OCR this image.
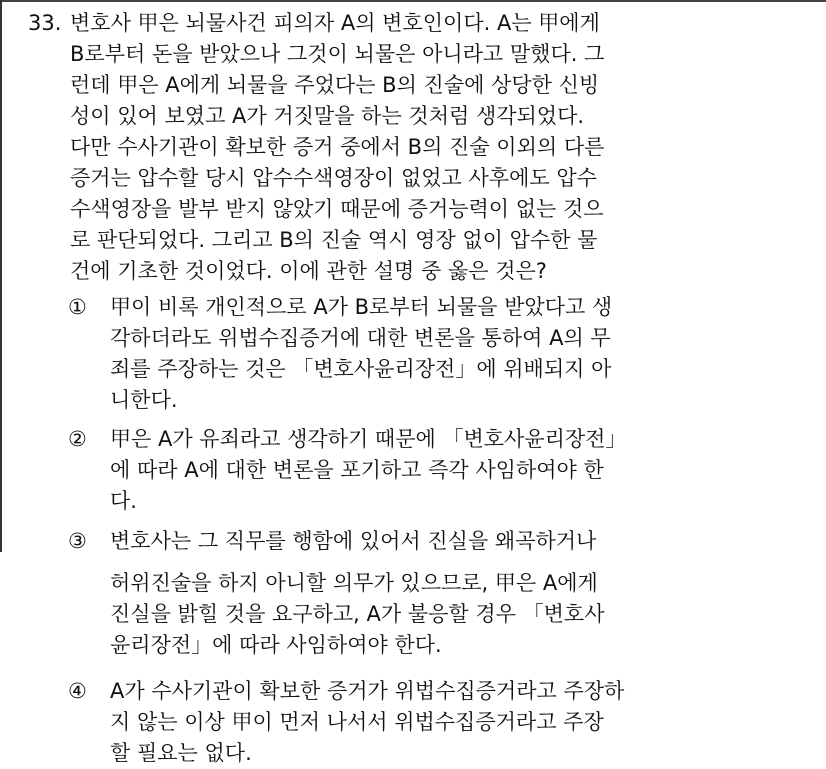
33. 변호사 甲은 뇌물사건 피의자 A의 변호인이다. A는 甲에게
B로부터 돈을 받았으나 그것이 뇌물은 아니라고 말했다. 그
런데 甲은 A에게 뇌물을 주었다는 B의 진술에 상당한 신빙
성이 있어 보였고 A가 거짓말을 하는 것처럼 생각되었다.
다만 수사기관이 확보한 증거 중에서 B의 진술 이외의 다른
증거는 압수할 당시 압수수색영장이 없었고 사후에도 압수
수색영장을 발부 받지 않았기 때문에 증거능력이 없는 것으
로 판단되었다. 그리고 B의 진술 역시 영장 없이 압수한 물
건에 기초한 것이었다. 이에 관한 설명 중 옳은 것은?
① 甲이 비록 개인적으로 A가 B로부터 뇌물을 받았다고 생
각하더라도 위법수집증거에 대한 변론을 통하여 A의 무
죄를 주장하는 것은 「변호사윤리장전」에 위배되지 아
니한다.
② 甲은 A가 유죄라고 생각하기 때문에 「변호사윤리장전」
에 따라 A에 대한 변론을 포기하고 즉각 사임하여야 한
다.
③ 변호사는 그 직무를 행함에 있어서 진실을 왜곡하거나
허위진술을 하지 아니할 의무가 있으므로, 甲은 A에게
진실을 밝힐 것을 요구하고, A가 불응할 경우 「변호사
윤리장전」에 따라 사임하여야 한다.
④ A가 수사기관이 확보한 증거가 위법수집증거라고 주장하
지 않는 이상 甲이 먼저 나서서 위법수집증거라고 주장
할 필요는 없다.
